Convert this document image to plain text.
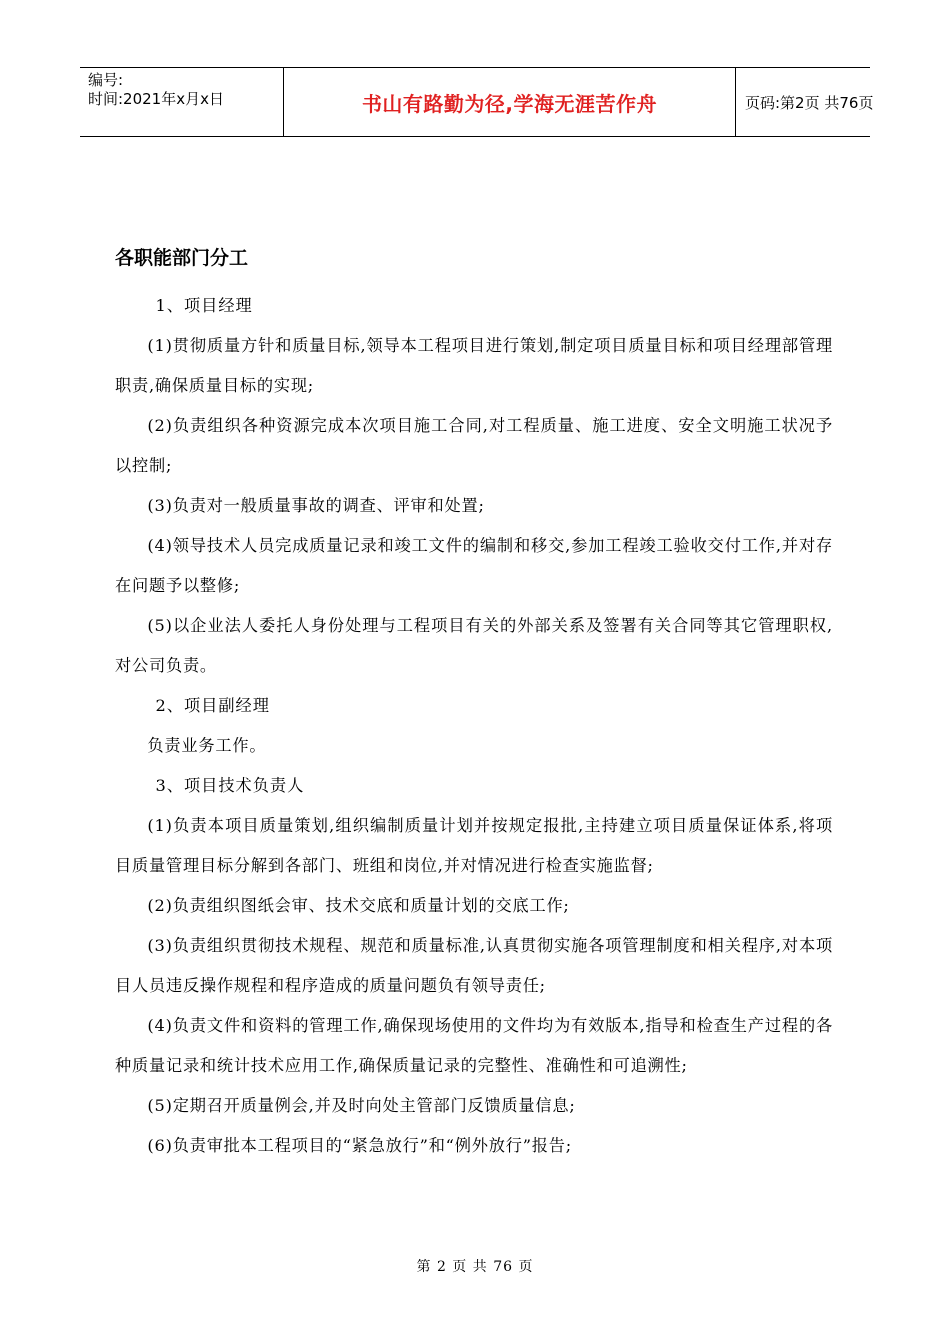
编号:
时间:2021年x月x日	书山有路勤为径,学海无涯苦作舟	页码:第2页 共76页
各职能部门分工

1、项目经理

(1)贯彻质量方针和质量目标,领导本工程项目进行策划,制定项目质量目标和项目经理部管理职责,确保质量目标的实现;

(2)负责组织各种资源完成本次项目施工合同,对工程质量、施工进度、安全文明施工状况予以控制;

(3)负责对一般质量事故的调查、评审和处置;

(4)领导技术人员完成质量记录和竣工文件的编制和移交,参加工程竣工验收交付工作,并对存在问题予以整修;

(5)以企业法人委托人身份处理与工程项目有关的外部关系及签署有关合同等其它管理职权,对公司负责。

2、项目副经理

负责业务工作。

3、项目技术负责人

(1)负责本项目质量策划,组织编制质量计划并按规定报批,主持建立项目质量保证体系,将项目质量管理目标分解到各部门、班组和岗位,并对情况进行检查实施监督;

(2)负责组织图纸会审、技术交底和质量计划的交底工作;

(3)负责组织贯彻技术规程、规范和质量标准,认真贯彻实施各项管理制度和相关程序,对本项目人员违反操作规程和程序造成的质量问题负有领导责任;

(4)负责文件和资料的管理工作,确保现场使用的文件均为有效版本,指导和检查生产过程的各种质量记录和统计技术应用工作,确保质量记录的完整性、准确性和可追溯性;

(5)定期召开质量例会,并及时向处主管部门反馈质量信息;

(6)负责审批本工程项目的“紧急放行”和“例外放行”报告;

第 2 页 共 76 页
